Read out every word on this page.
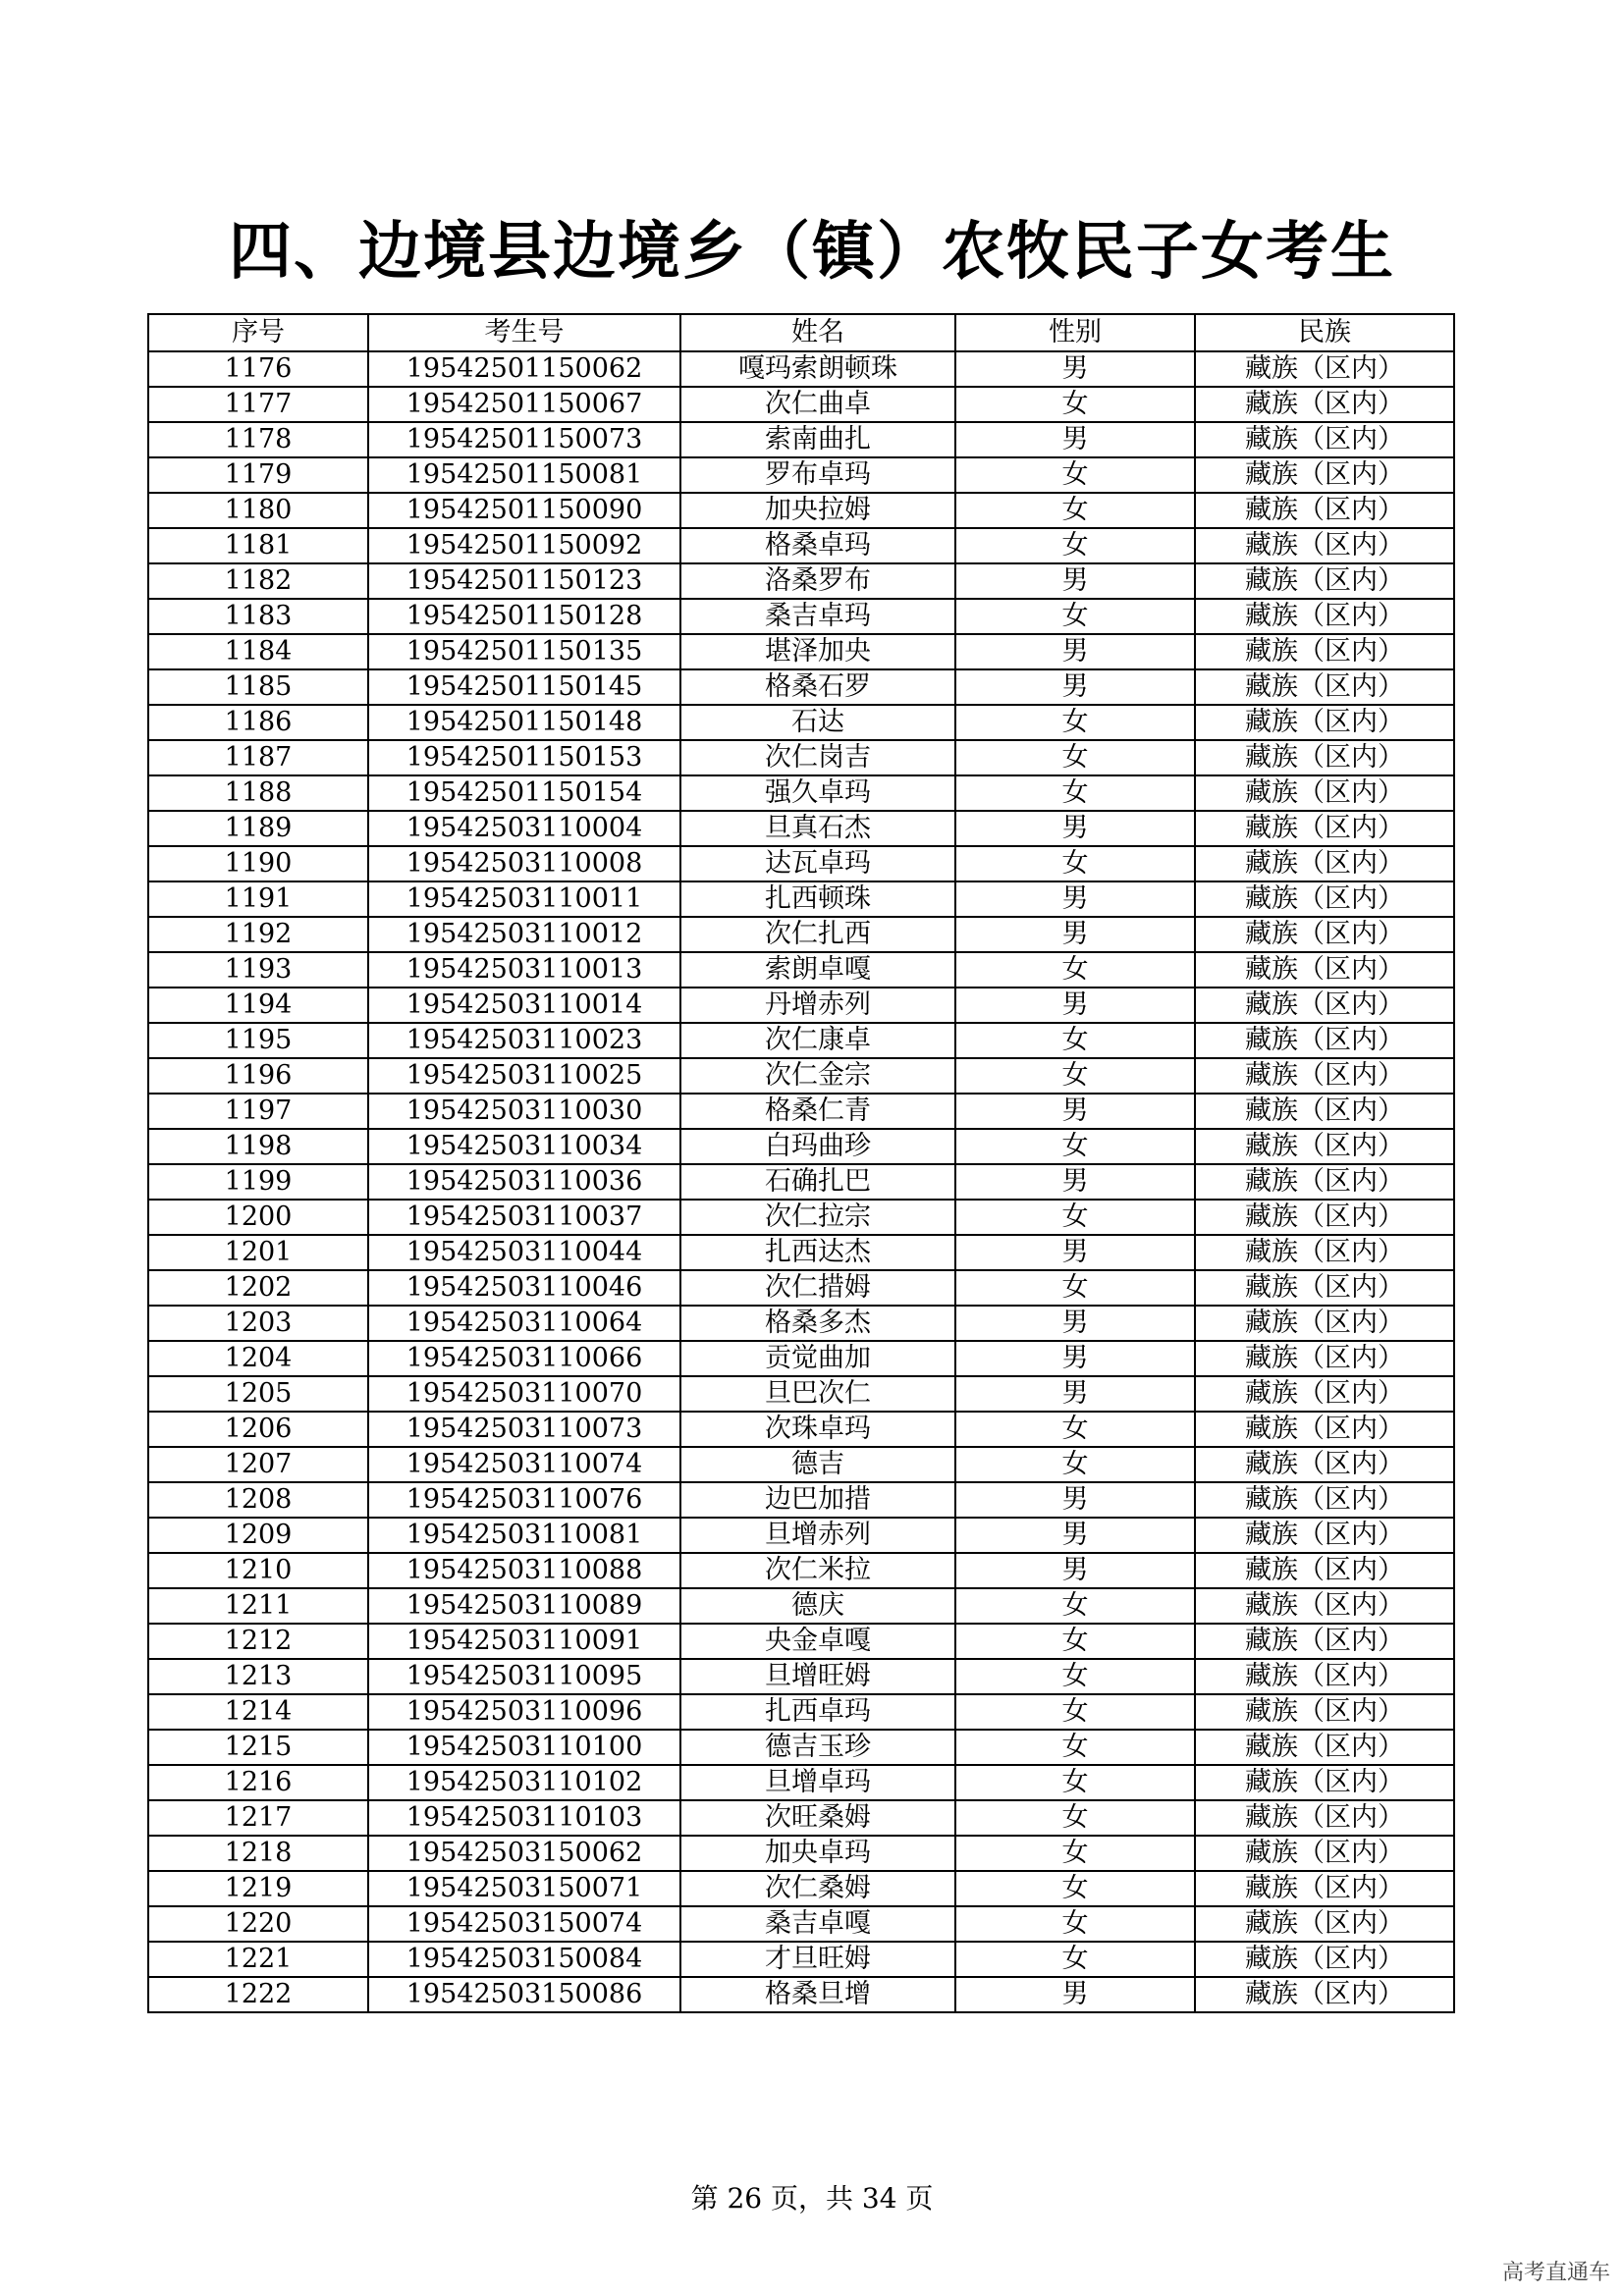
四、边境县边境乡（镇）农牧民子女考生
序号	考生号	姓名	性别	民族
1176	19542501150062	嘎玛索朗顿珠	男	藏族（区内）
1177	19542501150067	次仁曲卓	女	藏族（区内）
1178	19542501150073	索南曲扎	男	藏族（区内）
1179	19542501150081	罗布卓玛	女	藏族（区内）
1180	19542501150090	加央拉姆	女	藏族（区内）
1181	19542501150092	格桑卓玛	女	藏族（区内）
1182	19542501150123	洛桑罗布	男	藏族（区内）
1183	19542501150128	桑吉卓玛	女	藏族（区内）
1184	19542501150135	堪泽加央	男	藏族（区内）
1185	19542501150145	格桑石罗	男	藏族（区内）
1186	19542501150148	石达	女	藏族（区内）
1187	19542501150153	次仁岗吉	女	藏族（区内）
1188	19542501150154	强久卓玛	女	藏族（区内）
1189	19542503110004	旦真石杰	男	藏族（区内）
1190	19542503110008	达瓦卓玛	女	藏族（区内）
1191	19542503110011	扎西顿珠	男	藏族（区内）
1192	19542503110012	次仁扎西	男	藏族（区内）
1193	19542503110013	索朗卓嘎	女	藏族（区内）
1194	19542503110014	丹增赤列	男	藏族（区内）
1195	19542503110023	次仁康卓	女	藏族（区内）
1196	19542503110025	次仁金宗	女	藏族（区内）
1197	19542503110030	格桑仁青	男	藏族（区内）
1198	19542503110034	白玛曲珍	女	藏族（区内）
1199	19542503110036	石确扎巴	男	藏族（区内）
1200	19542503110037	次仁拉宗	女	藏族（区内）
1201	19542503110044	扎西达杰	男	藏族（区内）
1202	19542503110046	次仁措姆	女	藏族（区内）
1203	19542503110064	格桑多杰	男	藏族（区内）
1204	19542503110066	贡觉曲加	男	藏族（区内）
1205	19542503110070	旦巴次仁	男	藏族（区内）
1206	19542503110073	次珠卓玛	女	藏族（区内）
1207	19542503110074	德吉	女	藏族（区内）
1208	19542503110076	边巴加措	男	藏族（区内）
1209	19542503110081	旦增赤列	男	藏族（区内）
1210	19542503110088	次仁米拉	男	藏族（区内）
1211	19542503110089	德庆	女	藏族（区内）
1212	19542503110091	央金卓嘎	女	藏族（区内）
1213	19542503110095	旦增旺姆	女	藏族（区内）
1214	19542503110096	扎西卓玛	女	藏族（区内）
1215	19542503110100	德吉玉珍	女	藏族（区内）
1216	19542503110102	旦增卓玛	女	藏族（区内）
1217	19542503110103	次旺桑姆	女	藏族（区内）
1218	19542503150062	加央卓玛	女	藏族（区内）
1219	19542503150071	次仁桑姆	女	藏族（区内）
1220	19542503150074	桑吉卓嘎	女	藏族（区内）
1221	19542503150084	才旦旺姆	女	藏族（区内）
1222	19542503150086	格桑旦增	男	藏族（区内）
第 26 页，共 34 页
高考直通车
